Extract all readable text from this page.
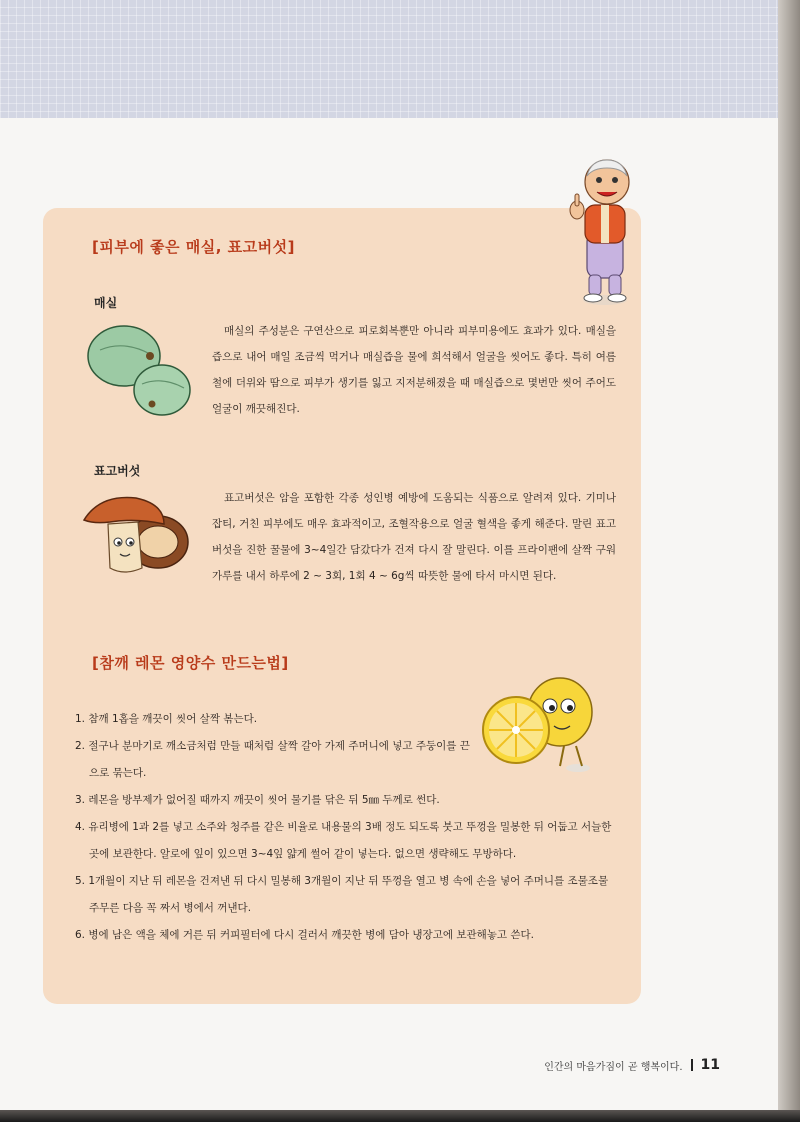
[피부에 좋은 매실, 표고버섯]
매실

매실의 주성분은 구연산으로 피로회복뿐만 아니라 피부미용에도 효과가 있다. 매실을 즙으로 내어 매일 조금씩 먹거나 매실즙을 물에 희석해서 얼굴을 씻어도 좋다. 특히 여름철에 더위와 땀으로 피부가 생기를 잃고 지저분해졌을 때 매실즙으로 몇번만 씻어 주어도 얼굴이 깨끗해진다.

표고버섯

표고버섯은 암을 포함한 각종 성인병 예방에 도움되는 식품으로 알려져 있다. 기미나 잡티, 거친 피부에도 매우 효과적이고, 조혈작용으로 얼굴 혈색을 좋게 해준다. 말린 표고버섯을 진한 꿀물에 3~4일간 담갔다가 건져 다시 잘 말린다. 이를 프라이팬에 살짝 구워 가루를 내서 하루에 2 ~ 3회, 1회 4 ~ 6g씩 따뜻한 물에 타서 마시면 된다.

[참깨 레몬 영양수 만드는법]
1. 참깨 1홉을 깨끗이 씻어 살짝 볶는다.
2. 절구나 분마기로 깨소금처럼 만들 때처럼 살짝 갈아 가제 주머니에 넣고 주둥이를 끈으로 묶는다.
3. 레몬을 방부제가 없어질 때까지 깨끗이 씻어 물기를 닦은 뒤 5㎜ 두께로 썬다.
4. 유리병에 1과 2를 넣고 소주와 청주를 같은 비율로 내용물의 3배 정도 되도록 붓고 뚜껑을 밀봉한 뒤 어둡고 서늘한 곳에 보관한다. 알로에 잎이 있으면 3~4잎 얇게 썰어 같이 넣는다. 없으면 생략해도 무방하다.
5. 1개월이 지난 뒤 레몬을 건져낸 뒤 다시 밀봉해 3개월이 지난 뒤 뚜껑을 열고 병 속에 손을 넣어 주머니를 조물조물 주무른 다음 꼭 짜서 병에서 꺼낸다.
6. 병에 남은 액을 체에 거른 뒤 커피필터에 다시 걸러서 깨끗한 병에 담아 냉장고에 보관해놓고 쓴다.
인간의 마음가짐이 곧 행복이다. 11
